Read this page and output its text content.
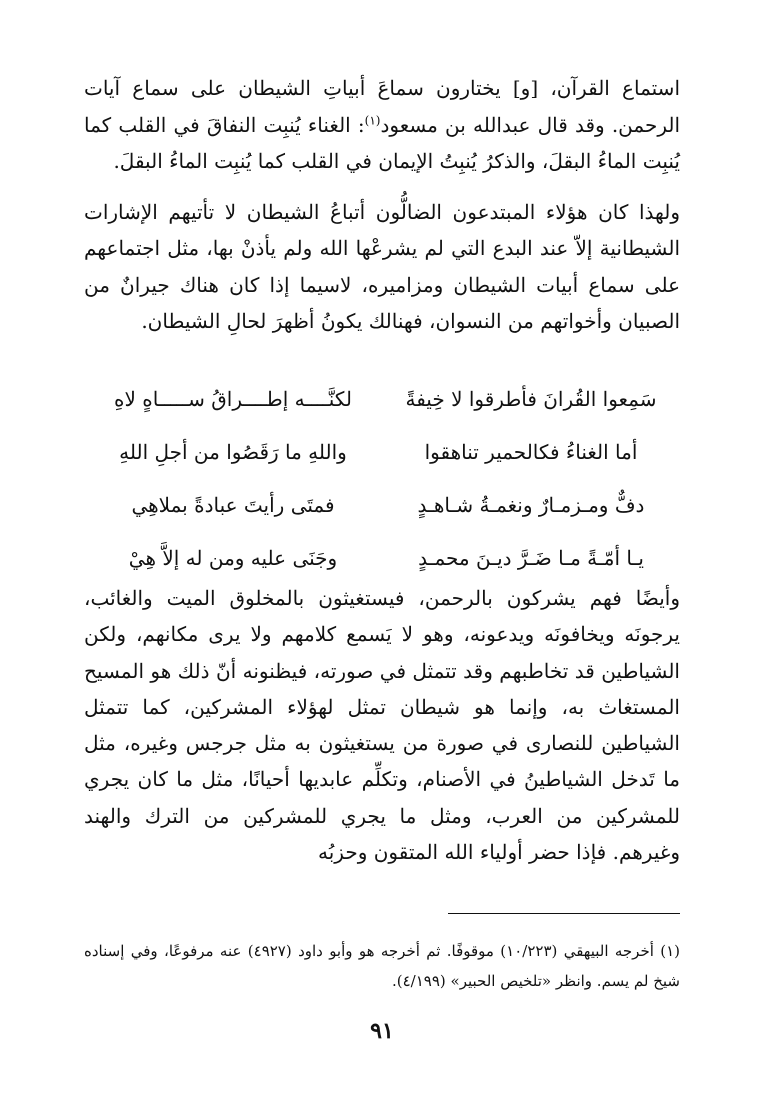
استماع القرآن، [و] يختارون سماعَ أبياتِ الشيطان على سماع آيات الرحمن. وقد قال عبدالله بن مسعود$^{(١)}$: الغناء يُنبِت النفاقَ في القلب كما يُنبِت الماءُ البقلَ، والذكرُ يُنبِتُ الإيمان في القلب كما يُنبِت الماءُ البقلَ.

ولهذا كان هؤلاء المبتدعون الضالُّون أتباعُ الشيطان لا تأتيهم الإشارات الشيطانية إلاّ عند البدع التي لم يشرعْها الله ولم يأذنْ بها، مثل اجتماعهم على سماع أبيات الشيطان ومزاميره، لاسيما إذا كان هناك جيرانٌ من الصبيان وأخواتهم من النسوان، فهنالك يكونُ أظهرَ لحالِ الشيطان.

سَمِعوا القُرانَ فأطرقوا لا خِيفةً
لكنَّــــه إطــــراقُ ســـــاهٍ لاهِ
أما الغناءُ فكالحمير تناهقوا
واللهِ ما رَقَصُوا من أجلِ اللهِ
دفٌّ ومـزمـارٌ ونغمـةُ شـاهـدٍ
فمتَى رأيتَ عبادةً بملاهِي
يـا أمّـةً مـا ضَـرَّ ديـنَ محمـدٍ
وجَنَى عليه ومن له إلاَّ هِيْ
وأيضًا فهم يشركون بالرحمن، فيستغيثون بالمخلوق الميت والغائب، يرجونَه ويخافونَه ويدعونه، وهو لا يَسمع كلامهم ولا يرى مكانهم، ولكن الشياطين قد تخاطبهم وقد تتمثل في صورته، فيظنونه أنّ ذلك هو المسيح المستغاث به، وإنما هو شيطان تمثل لهؤلاء المشركين، كما تتمثل الشياطين للنصارى في صورة من يستغيثون به مثل جرجس وغيره، مثل ما تَدخل الشياطينُ في الأصنام، وتكلِّم عابديها أحيانًا، مثل ما كان يجري للمشركين من العرب، ومثل ما يجري للمشركين من الترك والهند وغيرهم. فإذا حضر أولياء الله المتقون وحزبُه
(١) أخرجه البيهقي (١٠/٢٢٣) موقوفًا. ثم أخرجه هو وأبو داود (٤٩٢٧) عنه مرفوعًا، وفي إسناده شيخ لم يسم. وانظر «تلخيص الحبير» (٤/١٩٩).
٩١
